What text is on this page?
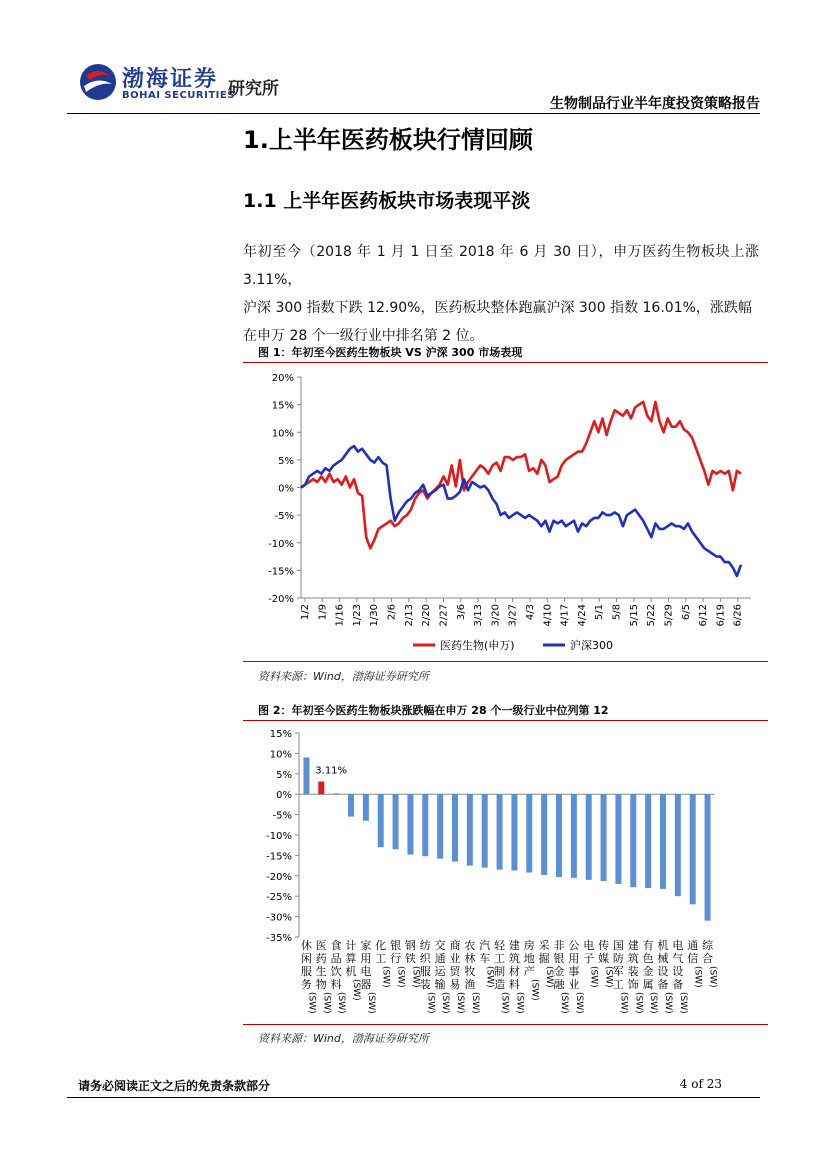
渤海证券
BOHAI SECURITIES
研究所
生物制品行业半年度投资策略报告
1.上半年医药板块行情回顾
1.1 上半年医药板块市场表现平淡
年初至今（2018 年 1 月 1 日至 2018 年 6 月 30 日），申万医药生物板块上涨 3.11%，
沪深 300 指数下跌 12.90%，医药板块整体跑赢沪深 300 指数 16.01%，涨跌幅
在申万 28 个一级行业中排名第 2 位。
图 1：年初至今医药生物板块 VS 沪深 300 市场表现
20%
15%
10%
5%
0%
-5%
-10%
-15%
-20%
1/2 1/9 1/16 1/23 1/30 2/6 2/13 2/20 2/27 3/6 3/13 3/20 3/27 4/3 4/10 4/17 4/24 5/1 5/8 5/15 5/22 5/29 6/5 6/12 6/19 6/26
医药生物(申万)	沪深300
资料来源：Wind，渤海证券研究所
图 2：年初至今医药生物板块涨跌幅在申万 28 个一级行业中位列第 12
15%
10%
5%
0%
-5%
-10%
-15%
-20%
-25%
-30%
-35%
休
闲
服
务
(SW)
医
药
生
物
(SW)
食
品
饮
料
(SW)
计
算
机
(SW)
家
用
电
器
(SW)
化
工
(SW)
银
行
(SW)
钢
铁
(SW)
纺
织
服
装
(SW)
交
通
运
输
(SW)
商
业
贸
易
(SW)
农
林
牧
渔
(SW)
汽
车
(SW)
轻
工
制
造
(SW)
建
筑
材
料
(SW)
房
地
产
(SW)
采
掘
(SW)
非
银
金
融
(SW)
公
用
事
业
(SW)
电
子
(SW)
传
媒
(SW)
国
防
军
工
(SW)
建
筑
装
饰
(SW)
有
色
金
属
(SW)
机
械
设
备
(SW)
电
气
设
备
(SW)
通
信
(SW)
综
合
(SW)
3.11%
资料来源：Wind，渤海证券研究所
请务必阅读正文之后的免责条款部分	4 of 23
